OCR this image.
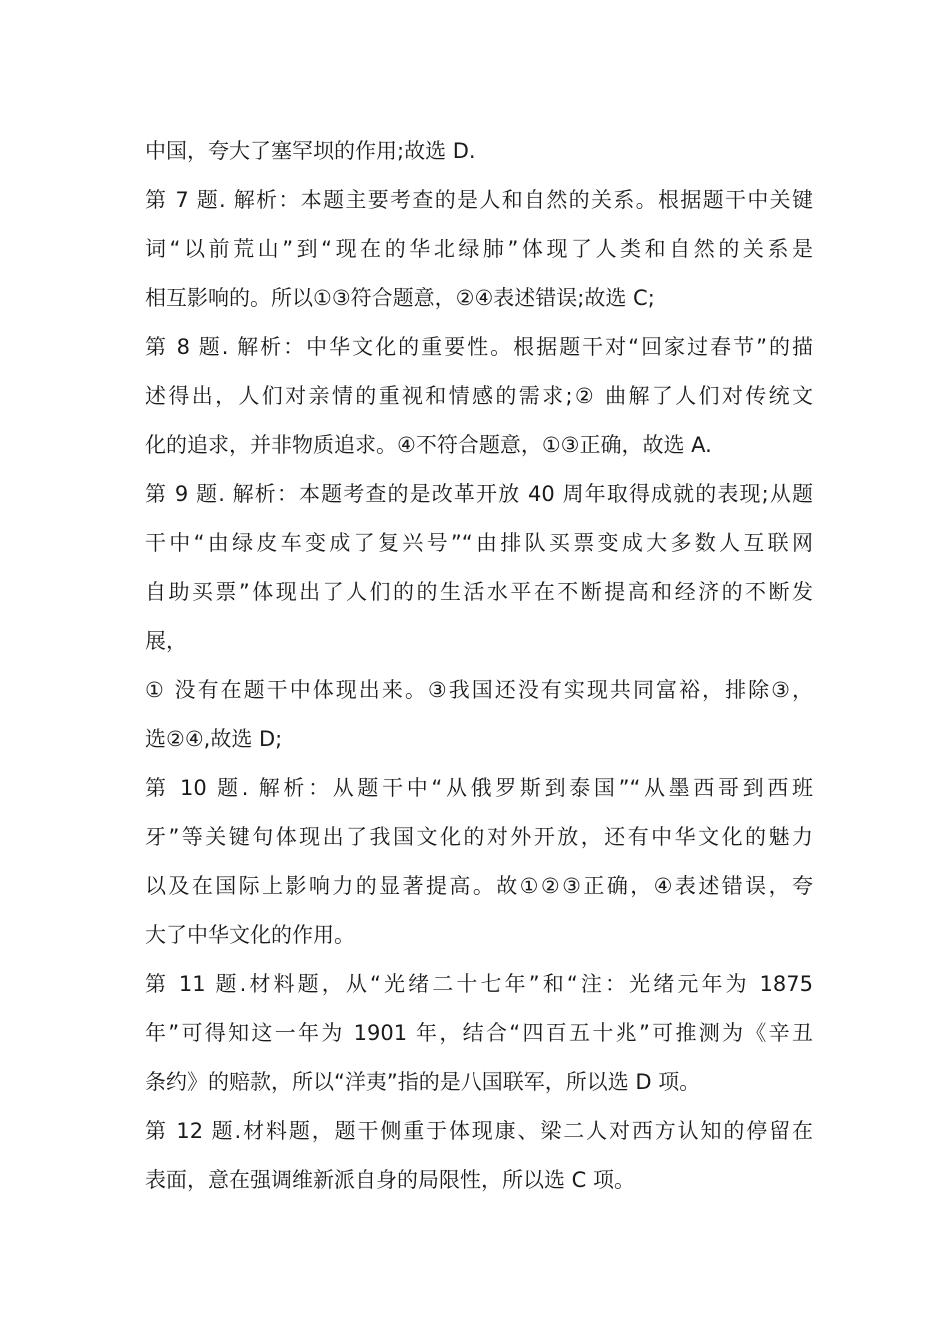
中国，夸大了塞罕坝的作用;故选 D.
第 7 题. 解析：本题主要考查的是人和自然的关系。根据题干中关键
词“以前荒山”到“现在的华北绿肺”体现了人类和自然的关系是
相互影响的。所以①③符合题意，②④表述错误;故选 C;
第 8 题. 解析：中华文化的重要性。根据题干对“回家过春节”的描
述得出，人们对亲情的重视和情感的需求;② 曲解了人们对传统文
化的追求，并非物质追求。④不符合题意，①③正确，故选 A.
第 9 题. 解析：本题考查的是改革开放 40 周年取得成就的表现;从题
干中“由绿皮车变成了复兴号”“由排队买票变成大多数人互联网
自助买票”体现出了人们的的生活水平在不断提高和经济的不断发
展，
① 没有在题干中体现出来。③我国还没有实现共同富裕，排除③，
选②④,故选 D;
第 10 题. 解析：从题干中“从俄罗斯到泰国”“从墨西哥到西班
牙”等关键句体现出了我国文化的对外开放，还有中华文化的魅力
以及在国际上影响力的显著提高。故①②③正确，④表述错误，夸
大了中华文化的作用。
第 11 题.材料题，从“光绪二十七年”和“注：光绪元年为 1875
年”可得知这一年为 1901 年，结合“四百五十兆”可推测为《辛丑
条约》的赔款，所以“洋夷”指的是八国联军，所以选 D 项。
第 12 题.材料题，题干侧重于体现康、梁二人对西方认知的停留在
表面，意在强调维新派自身的局限性，所以选 C 项。
